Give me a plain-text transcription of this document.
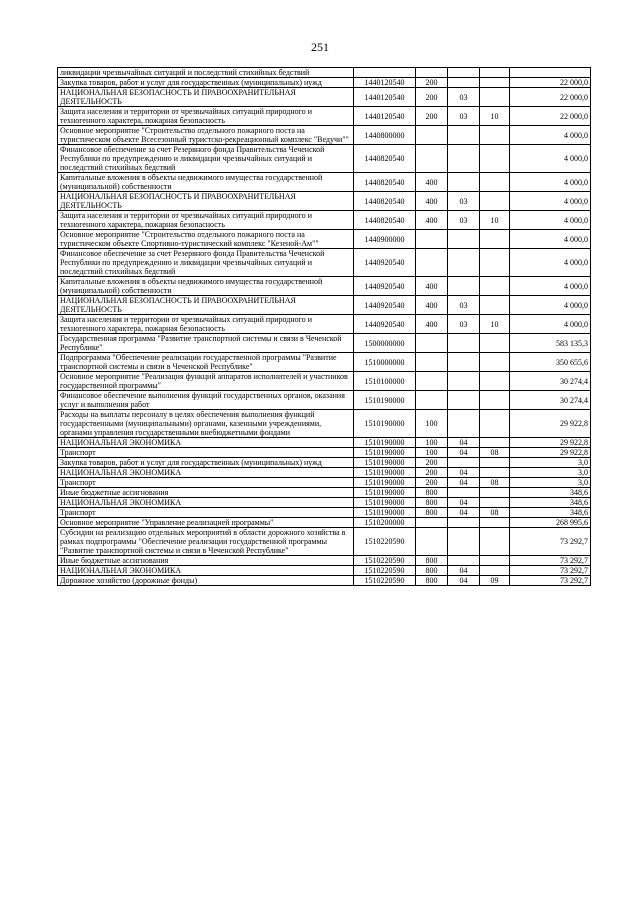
251
ликвидации чрезвычайных ситуаций и последствий стихийных бедствий					
Закупка товаров, работ и услуг для государственных (муниципальных) нужд	1440120540	200			22 000,0
НАЦИОНАЛЬНАЯ БЕЗОПАСНОСТЬ И ПРАВООХРАНИТЕЛЬНАЯ ДЕЯТЕЛЬНОСТЬ	1440120540	200	03		22 000,0
Защита населения и территории от чрезвычайных ситуаций природного и техногенного характера, пожарная безопасность	1440120540	200	03	10	22 000,0
Основное мероприятие "Строительство отдельного пожарного поста на туристическом объекте Всесезонный туристско-рекреационный комплекс "Ведучи""	1440800000				4 000,0
Финансовое обеспечение за счет Резервного фонда Правительства Чеченской Республики по предупреждению и ликвидации чрезвычайных ситуаций и последствий стихийных бедствий	1440820540				4 000,0
Капитальные вложения в объекты недвижимого имущества государственной (муниципальной) собственности	1440820540	400			4 000,0
НАЦИОНАЛЬНАЯ БЕЗОПАСНОСТЬ И ПРАВООХРАНИТЕЛЬНАЯ ДЕЯТЕЛЬНОСТЬ	1440820540	400	03		4 000,0
Защита населения и территории от чрезвычайных ситуаций природного и техногенного характера, пожарная безопасность	1440820540	400	03	10	4 000,0
Основное мероприятие "Строительство отдельного пожарного поста на туристическом объекте Спортивно-туристический комплекс "Кезеной-Ам""	1440900000				4 000,0
Финансовое обеспечение за счет Резервного фонда Правительства Чеченской Республики по предупреждению и ликвидации чрезвычайных ситуаций и последствий стихийных бедствий	1440920540				4 000,0
Капитальные вложения в объекты недвижимого имущества государственной (муниципальной) собственности	1440920540	400			4 000,0
НАЦИОНАЛЬНАЯ БЕЗОПАСНОСТЬ И ПРАВООХРАНИТЕЛЬНАЯ ДЕЯТЕЛЬНОСТЬ	1440920540	400	03		4 000,0
Защита населения и территории от чрезвычайных ситуаций природного и техногенного характера, пожарная безопасность	1440920540	400	03	10	4 000,0
Государственная программа "Развитие транспортной системы и связи в Чеченской Республике"	1500000000				583 135,3
Подпрограмма "Обеспечение реализации государственной программы "Развитие транспортной системы и связи в Чеченской Республике"	1510000000				350 655,6
Основное мероприятие "Реализация функций аппаратов исполнителей и участников государственной программы"	1510100000				30 274,4
Финансовое обеспечение выполнения функций государственных органов, оказания услуг и выполнения работ	1510190000				30 274,4
Расходы на выплаты персоналу в целях обеспечения выполнения функций государственными (муниципальными) органами, казенными учреждениями, органами управления государственными внебюджетными фондами	1510190000	100			29 922,8
НАЦИОНАЛЬНАЯ ЭКОНОМИКА	1510190000	100	04		29 922,8
Транспорт	1510190000	100	04	08	29 922,8
Закупка товаров, работ и услуг для государственных (муниципальных) нужд	1510190000	200			3,0
НАЦИОНАЛЬНАЯ ЭКОНОМИКА	1510190000	200	04		3,0
Транспорт	1510190000	200	04	08	3,0
Иные бюджетные ассигнования	1510190000	800			348,6
НАЦИОНАЛЬНАЯ ЭКОНОМИКА	1510190000	800	04		348,6
Транспорт	1510190000	800	04	08	348,6
Основное мероприятие "Управление реализацией программы"	1510200000				268 995,6
Субсидии на реализацию отдельных мероприятий в области дорожного хозяйства в рамках подпрограммы "Обеспечение реализации государственной программы "Развитие транспортной системы и связи в Чеченской Республике"	1510220590				73 292,7
Иные бюджетные ассигнования	1510220590	800			73 292,7
НАЦИОНАЛЬНАЯ ЭКОНОМИКА	1510220590	800	04		73 292,7
Дорожное хозяйство (дорожные фонды)	1510220590	800	04	09	73 292,7
